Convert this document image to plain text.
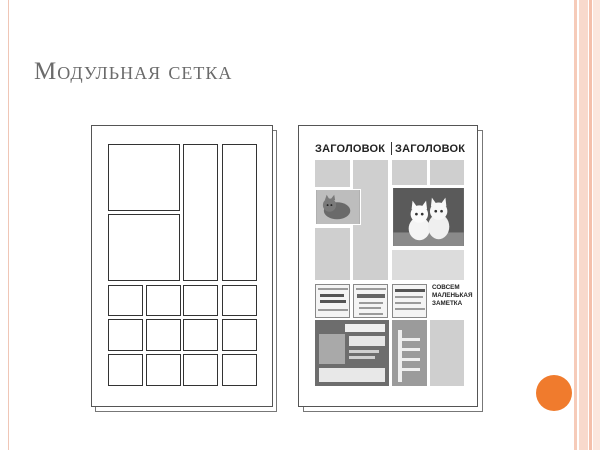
Модульная сетка
ЗАГОЛОВОК ЗАГОЛОВОК
СОВСЕМ
МАЛЕНЬКАЯ
ЗАМЕТКА
